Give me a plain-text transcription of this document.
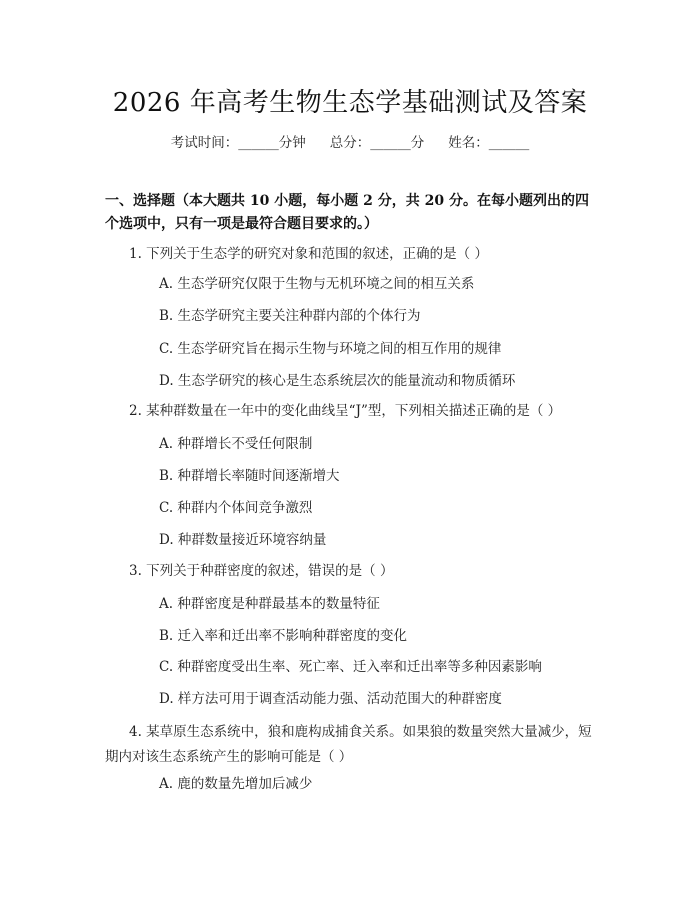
2026 年高考生物生态学基础测试及答案
考试时间：______分钟 总分：______分 姓名：______
一、选择题（本大题共 10 小题，每小题 2 分，共 20 分。在每小题列出的四个选项中，只有一项是最符合题目要求的。）
1. 下列关于生态学的研究对象和范围的叙述，正确的是（ ）
A. 生态学研究仅限于生物与无机环境之间的相互关系
B. 生态学研究主要关注种群内部的个体行为
C. 生态学研究旨在揭示生物与环境之间的相互作用的规律
D. 生态学研究的核心是生态系统层次的能量流动和物质循环
2. 某种群数量在一年中的变化曲线呈“J”型，下列相关描述正确的是（ ）
A. 种群增长不受任何限制
B. 种群增长率随时间逐渐增大
C. 种群内个体间竞争激烈
D. 种群数量接近环境容纳量
3. 下列关于种群密度的叙述，错误的是（ ）
A. 种群密度是种群最基本的数量特征
B. 迁入率和迁出率不影响种群密度的变化
C. 种群密度受出生率、死亡率、迁入率和迁出率等多种因素影响
D. 样方法可用于调查活动能力强、活动范围大的种群密度
4. 某草原生态系统中，狼和鹿构成捕食关系。如果狼的数量突然大量减少，短期内对该生态系统产生的影响可能是（ ）
A. 鹿的数量先增加后减少
